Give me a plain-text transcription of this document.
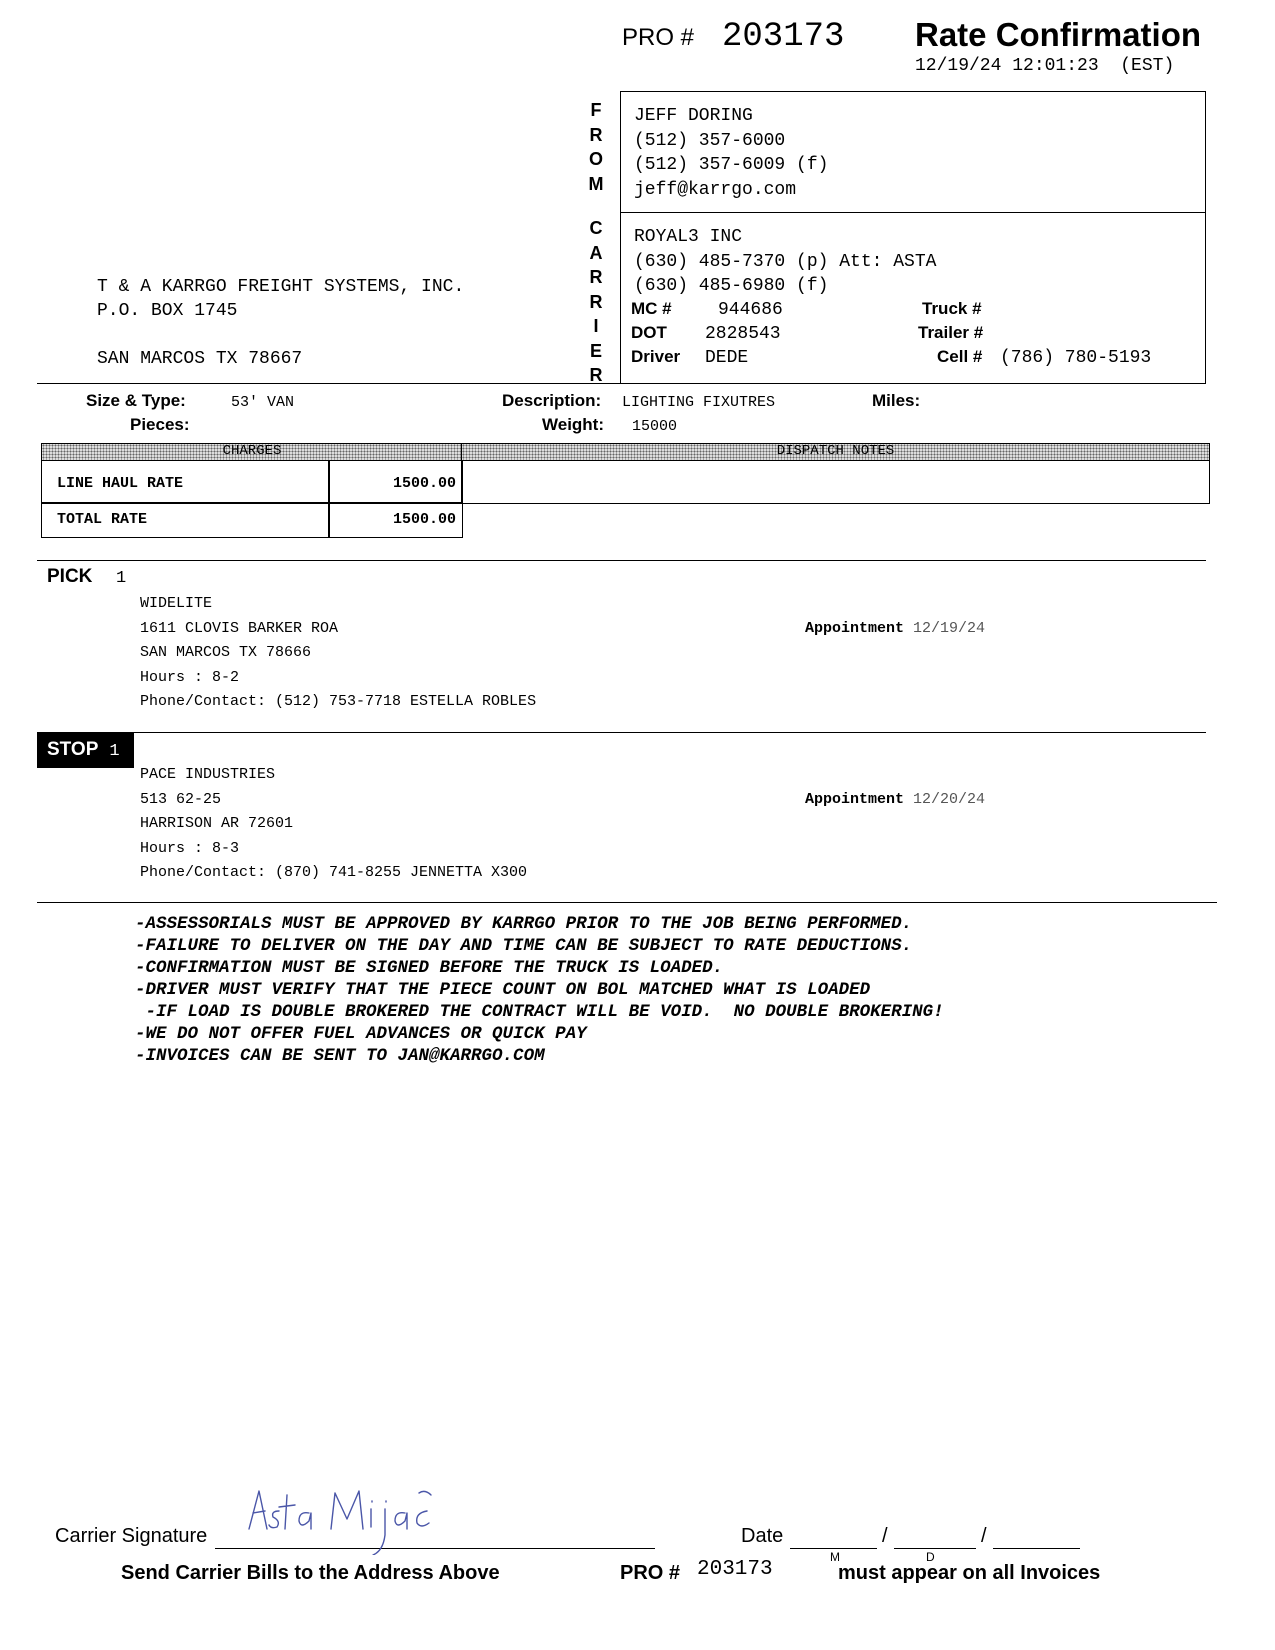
PRO # 203173 Rate Confirmation
12/19/24 12:01:23 (EST)
T & A KARRGO FREIGHT SYSTEMS, INC.
P.O. BOX 1745
SAN MARCOS TX 78667
F
R
O
M
C
A
R
R
I
E
R
JEFF DORING
(512) 357-6000
(512) 357-6009 (f)
jeff@karrgo.com
ROYAL3 INC
(630) 485-7370 (p) Att: ASTA
(630) 485-6980 (f)
MC #	944686
DOT 2828543
Driver DEDE
Truck #
Trailer #
Cell # (786) 780-5193
Size & Type:	53' VAN
Pieces:
Description: LIGHTING FIXUTRES
Weight: 15000
Miles:
CHARGES	DISPATCH NOTES
LINE HAUL RATE	1500.00
TOTAL RATE	1500.00
PICK 1
WIDELITE
1611 CLOVIS BARKER ROA
SAN MARCOS TX 78666
Hours : 8-2
Phone/Contact: (512) 753-7718 ESTELLA ROBLES
Appointment 12/19/24
STOP 1
PACE INDUSTRIES
513 62-25
HARRISON AR 72601
Hours : 8-3
Phone/Contact: (870) 741-8255 JENNETTA X300
Appointment 12/20/24
-ASSESSORIALS MUST BE APPROVED BY KARRGO PRIOR TO THE JOB BEING PERFORMED.
-FAILURE TO DELIVER ON THE DAY AND TIME CAN BE SUBJECT TO RATE DEDUCTIONS.
-CONFIRMATION MUST BE SIGNED BEFORE THE TRUCK IS LOADED.
-DRIVER MUST VERIFY THAT THE PIECE COUNT ON BOL MATCHED WHAT IS LOADED
-IF LOAD IS DOUBLE BROKERED THE CONTRACT WILL BE VOID.  NO DOUBLE BROKERING!
-WE DO NOT OFFER FUEL ADVANCES OR QUICK PAY
-INVOICES CAN BE SENT TO JAN@KARRGO.COM
Carrier Signature	Date	/	/
M	D
Send Carrier Bills to the Address Above	PRO # 203173	must appear on all Invoices
